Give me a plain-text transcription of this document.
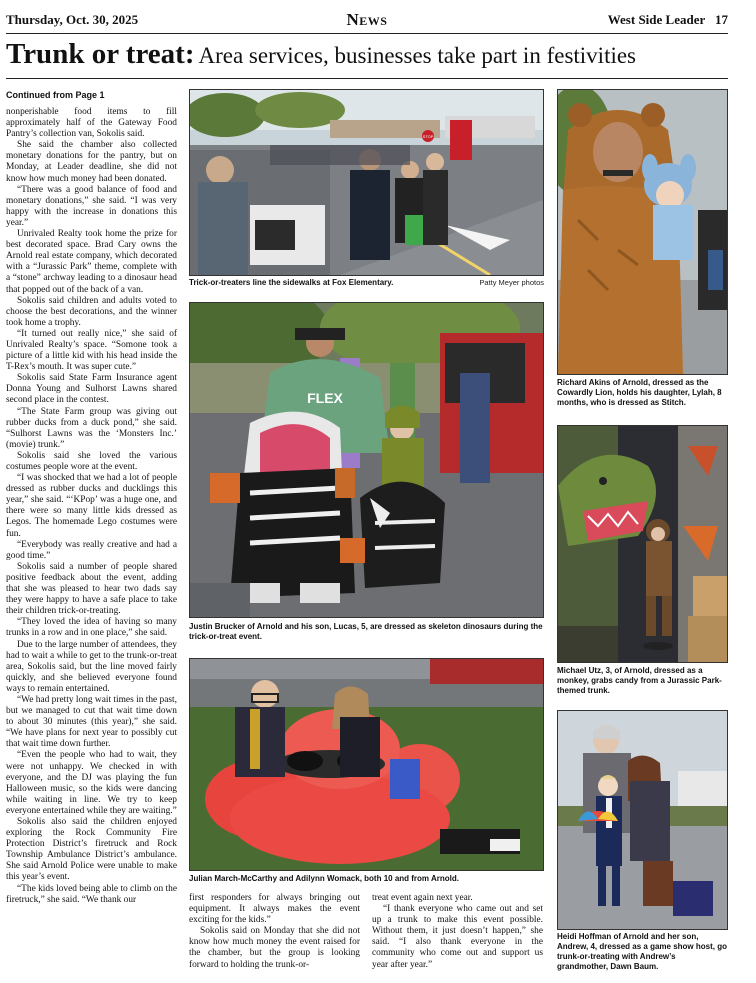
Thursday, Oct. 30, 2025	News	West Side Leader 17
Trunk or treat: Area services, businesses take part in festivities
Continued from Page 1

nonperishable food items to fill approximately half of the Gateway Food Pantry’s collection van, Sokolis said.

She said the chamber also collected monetary donations for the pantry, but on Monday, at Leader deadline, she did not know how much money had been donated.

“There was a good balance of food and monetary donations,” she said. “I was very happy with the increase in donations this year.”

Unrivaled Realty took home the prize for best decorated space. Brad Cary owns the Arnold real estate company, which decorated with a “Jurassic Park” theme, complete with a “stone” archway leading to a dinosaur head that popped out of the back of a van.

Sokolis said children and adults voted to choose the best decorations, and the winner took home a trophy.

“It turned out really nice,” she said of Unrivaled Realty’s space. “Somone took a picture of a little kid with his head inside the T-Rex’s mouth. It was super cute.”

Sokolis said State Farm Insurance agent Donna Young and Sulhorst Lawns shared second place in the contest.

“The State Farm group was giving out rubber ducks from a duck pond,” she said. “Sulhorst Lawns was the ‘Monsters Inc.’ (movie) trunk.”

Sokolis said she loved the various costumes people wore at the event.

“I was shocked that we had a lot of people dressed as rubber ducks and ducklings this year,” she said. “‘KPop’ was a huge one, and there were so many little kids dressed as Legos. The homemade Lego costumes were fun.

“Everybody was really creative and had a good time.”

Sokolis said a number of people shared positive feedback about the event, adding that she was pleased to hear two dads say they were happy to have a safe place to take their children trick-or-treating.

“They loved the idea of having so many trunks in a row and in one place,” she said.

Due to the large number of attendees, they had to wait a while to get to the trunk-or-treat area, Sokolis said, but the line moved fairly quickly, and she believed everyone found ways to remain entertained.

“We had pretty long wait times in the past, but we managed to cut that wait time down to about 30 minutes (this year),” she said. “We have plans for next year to possibly cut that wait time down further.

“Even the people who had to wait, they were not unhappy. We checked in with everyone, and the DJ was playing the fun Halloween music, so the kids were dancing while waiting in line. We try to keep everyone entertained while they are waiting.”

Sokolis also said the children enjoyed exploring the Rock Community Fire Protection District’s firetruck and Rock Township Ambulance District’s ambulance. She said Arnold Police were unable to make this year’s event.

“The kids loved being able to climb on the firetruck,” she said. “We thank our

STOP
Trick-or-treaters line the sidewalks at Fox Elementary.	Patty Meyer photos
FLEX
Justin Brucker of Arnold and his son, Lucas, 5, are dressed as skeleton dinosaurs during the trick-or-treat event.
Julian March-McCarthy and Adilynn Womack, both 10 and from Arnold.
Richard Akins of Arnold, dressed as the Cowardly Lion, holds his daughter, Lylah, 8 months, who is dressed as Stitch.
Michael Utz, 3, of Arnold, dressed as a monkey, grabs candy from a Jurassic Park-themed trunk.
Heidi Hoffman of Arnold and her son, Andrew, 4, dressed as a game show host, go trunk-or-treating with Andrew’s grandmother, Dawn Baum.

first responders for always bringing out equipment. It always makes the event exciting for the kids.”

Sokolis said on Monday that she did not know how much money the event raised for the chamber, but the group is looking forward to holding the trunk-or-

treat event again next year.

“I thank everyone who came out and set up a trunk to make this event possible. Without them, it just doesn’t happen,” she said. “I also thank everyone in the community who come out and support us year after year.”
